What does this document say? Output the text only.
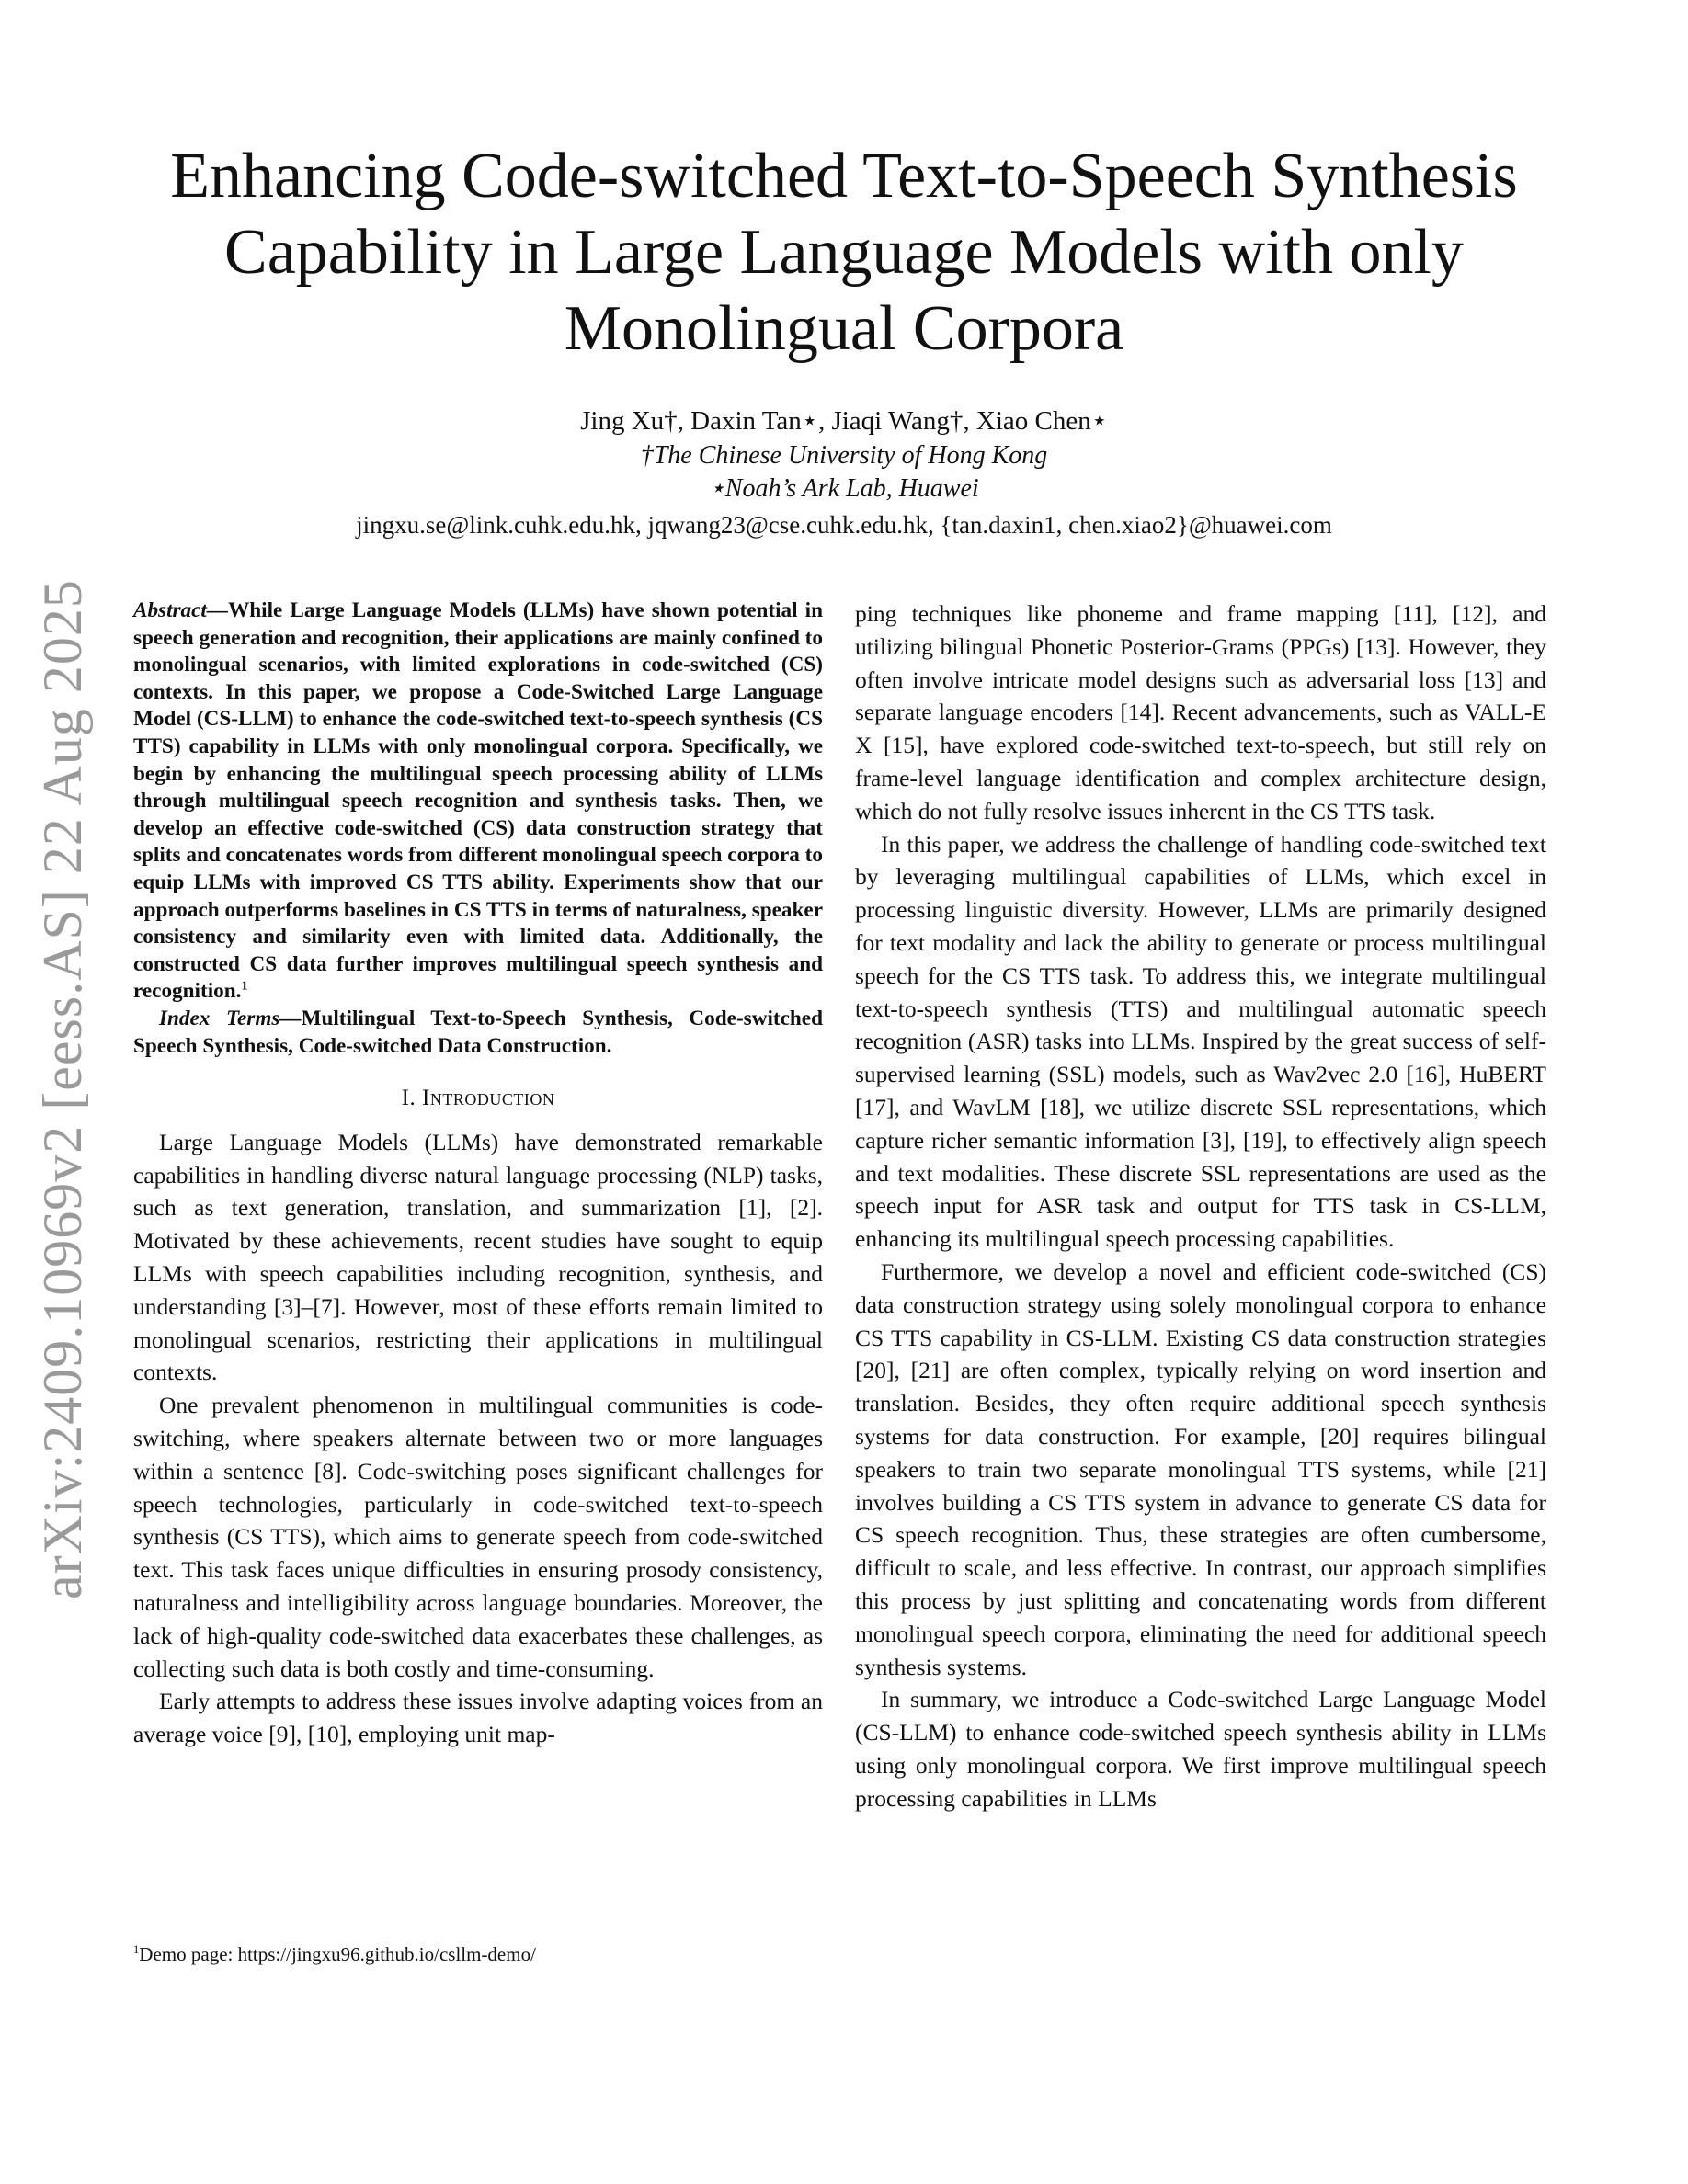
arXiv:2409.10969v2 [eess.AS] 22 Aug 2025
Enhancing Code-switched Text-to-Speech Synthesis Capability in Large Language Models with only Monolingual Corpora
Jing Xu†, Daxin Tan⋆, Jiaqi Wang†, Xiao Chen⋆
†The Chinese University of Hong Kong
⋆Noah’s Ark Lab, Huawei
jingxu.se@link.cuhk.edu.hk, jqwang23@cse.cuhk.edu.hk, {tan.daxin1, chen.xiao2}@huawei.com

Abstract—While Large Language Models (LLMs) have shown potential in speech generation and recognition, their applications are mainly confined to monolingual scenarios, with limited explorations in code-switched (CS) contexts. In this paper, we propose a Code-Switched Large Language Model (CS-LLM) to enhance the code-switched text-to-speech synthesis (CS TTS) capability in LLMs with only monolingual corpora. Specifically, we begin by enhancing the multilingual speech processing ability of LLMs through multilingual speech recognition and synthesis tasks. Then, we develop an effective code-switched (CS) data construction strategy that splits and concatenates words from different monolingual speech corpora to equip LLMs with improved CS TTS ability. Experiments show that our approach outperforms baselines in CS TTS in terms of naturalness, speaker consistency and similarity even with limited data. Additionally, the constructed CS data further improves multilingual speech synthesis and recognition.$^1$

Index Terms—Multilingual Text-to-Speech Synthesis, Code-switched Speech Synthesis, Code-switched Data Construction.

I. Introduction

Large Language Models (LLMs) have demonstrated remarkable capabilities in handling diverse natural language processing (NLP) tasks, such as text generation, translation, and summarization [1], [2]. Motivated by these achievements, recent studies have sought to equip LLMs with speech capabilities including recognition, synthesis, and understanding [3]–[7]. However, most of these efforts remain limited to monolingual scenarios, restricting their applications in multilingual contexts.

One prevalent phenomenon in multilingual communities is code-switching, where speakers alternate between two or more languages within a sentence [8]. Code-switching poses significant challenges for speech technologies, particularly in code-switched text-to-speech synthesis (CS TTS), which aims to generate speech from code-switched text. This task faces unique difficulties in ensuring prosody consistency, naturalness and intelligibility across language boundaries. Moreover, the lack of high-quality code-switched data exacerbates these challenges, as collecting such data is both costly and time-consuming.

Early attempts to address these issues involve adapting voices from an average voice [9], [10], employing unit map-

ping techniques like phoneme and frame mapping [11], [12], and utilizing bilingual Phonetic Posterior-Grams (PPGs) [13]. However, they often involve intricate model designs such as adversarial loss [13] and separate language encoders [14]. Recent advancements, such as VALL-E X [15], have explored code-switched text-to-speech, but still rely on frame-level language identification and complex architecture design, which do not fully resolve issues inherent in the CS TTS task.

In this paper, we address the challenge of handling code-switched text by leveraging multilingual capabilities of LLMs, which excel in processing linguistic diversity. However, LLMs are primarily designed for text modality and lack the ability to generate or process multilingual speech for the CS TTS task. To address this, we integrate multilingual text-to-speech synthesis (TTS) and multilingual automatic speech recognition (ASR) tasks into LLMs. Inspired by the great success of self-supervised learning (SSL) models, such as Wav2vec 2.0 [16], HuBERT [17], and WavLM [18], we utilize discrete SSL representations, which capture richer semantic information [3], [19], to effectively align speech and text modalities. These discrete SSL representations are used as the speech input for ASR task and output for TTS task in CS-LLM, enhancing its multilingual speech processing capabilities.

Furthermore, we develop a novel and efficient code-switched (CS) data construction strategy using solely monolingual corpora to enhance CS TTS capability in CS-LLM. Existing CS data construction strategies [20], [21] are often complex, typically relying on word insertion and translation. Besides, they often require additional speech synthesis systems for data construction. For example, [20] requires bilingual speakers to train two separate monolingual TTS systems, while [21] involves building a CS TTS system in advance to generate CS data for CS speech recognition. Thus, these strategies are often cumbersome, difficult to scale, and less effective. In contrast, our approach simplifies this process by just splitting and concatenating words from different monolingual speech corpora, eliminating the need for additional speech synthesis systems.

In summary, we introduce a Code-switched Large Language Model (CS-LLM) to enhance code-switched speech synthesis ability in LLMs using only monolingual corpora. We first improve multilingual speech processing capabilities in LLMs

$^1$Demo page: https://jingxu96.github.io/csllm-demo/
